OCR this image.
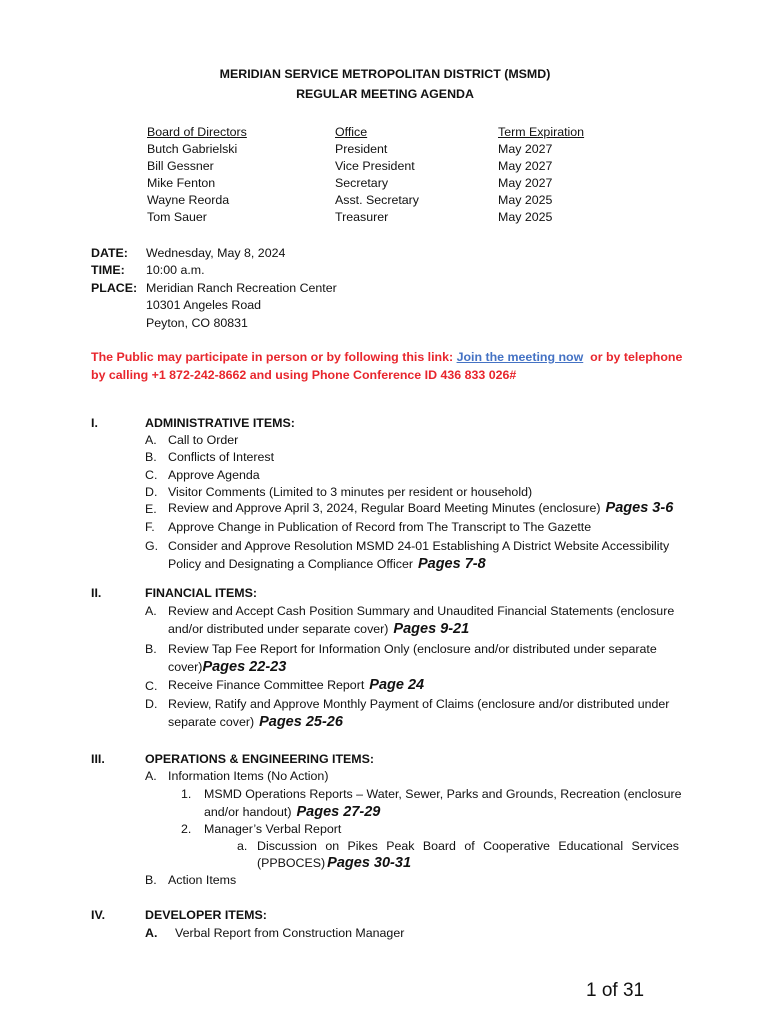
MERIDIAN SERVICE METROPOLITAN DISTRICT (MSMD)
REGULAR MEETING AGENDA
Board of Directors	Office	Term Expiration
Butch Gabrielski	President	May 2027
Bill Gessner	Vice President	May 2027
Mike Fenton	Secretary	May 2027
Wayne Reorda	Asst. Secretary	May 2025
Tom Sauer	Treasurer	May 2025
DATE: Wednesday, May 8, 2024
TIME: 10:00 a.m.
PLACE: Meridian Ranch Recreation Center
10301 Angeles Road
Peyton, CO 80831
The Public may participate in person or by following this link: Join the meeting now  or by telephone
by calling +1 872-242-8662 and using Phone Conference ID 436 833 026#
I.	ADMINISTRATIVE ITEMS:
A. Call to Order
B. Conflicts of Interest
C. Approve Agenda
D. Visitor Comments (Limited to 3 minutes per resident or household)
E. Review and Approve April 3, 2024, Regular Board Meeting Minutes (enclosure) Pages 3-6
F. Approve Change in Publication of Record from The Transcript to The Gazette
G. Consider and Approve Resolution MSMD 24-01 Establishing A District Website Accessibility
Policy and Designating a Compliance Officer Pages 7-8
II.	FINANCIAL ITEMS:
A. Review and Accept Cash Position Summary and Unaudited Financial Statements (enclosure
and/or distributed under separate cover) Pages 9-21
B. Review Tap Fee Report for Information Only (enclosure and/or distributed under separate
cover)Pages 22-23
C. Receive Finance Committee Report Page 24
D. Review, Ratify and Approve Monthly Payment of Claims (enclosure and/or distributed under
separate cover) Pages 25-26
III.	OPERATIONS & ENGINEERING ITEMS:
A. Information Items (No Action)
1. MSMD Operations Reports – Water, Sewer, Parks and Grounds, Recreation (enclosure
and/or handout) Pages 27-29
2. Manager’s Verbal Report
a. Discussion on Pikes Peak Board of Cooperative Educational Services
(PPBOCES) Pages 30-31
B. Action Items
IV.	DEVELOPER ITEMS:
A. Verbal Report from Construction Manager
1 of 31
